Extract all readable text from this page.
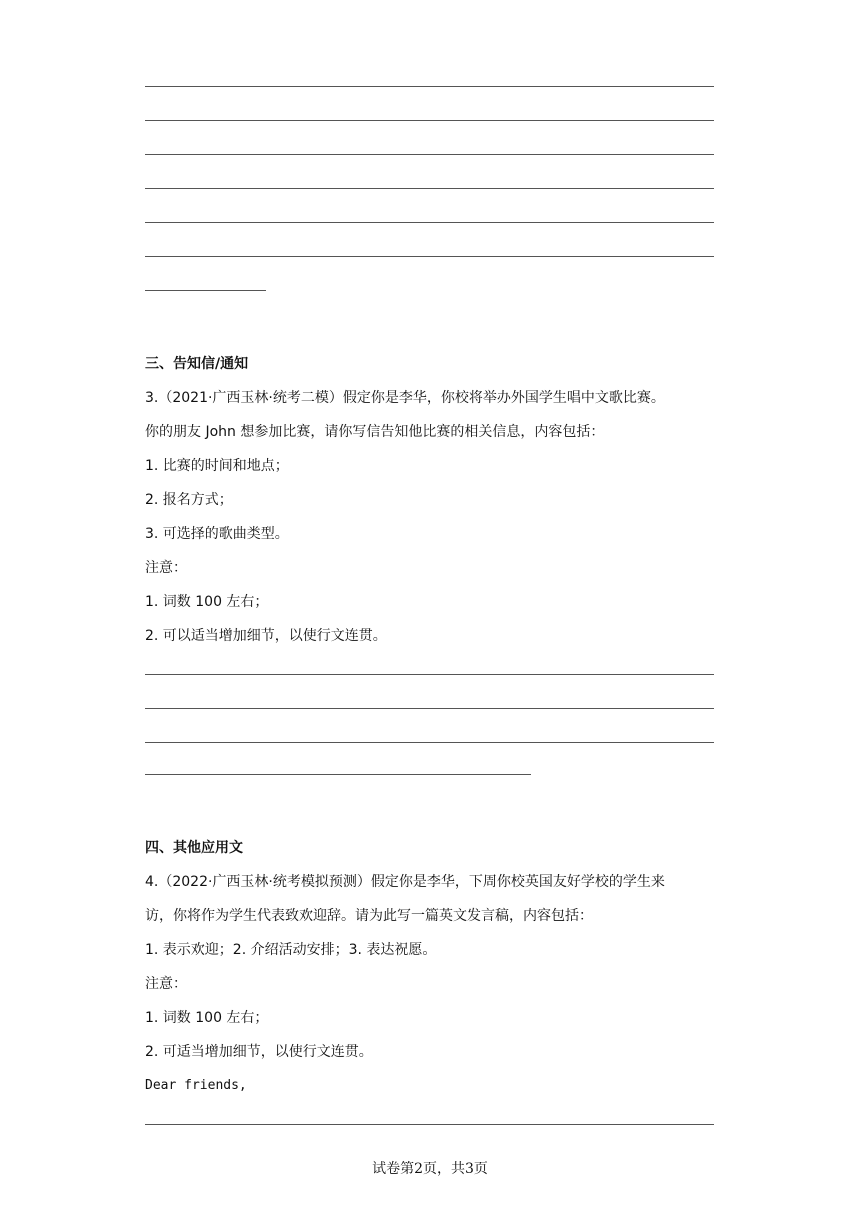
三、告知信/通知
3.（2021·广西玉林·统考二模）假定你是李华，你校将举办外国学生唱中文歌比赛。
你的朋友 John 想参加比赛，请你写信告知他比赛的相关信息，内容包括：
1. 比赛的时间和地点；
2. 报名方式；
3. 可选择的歌曲类型。
注意：
1. 词数 100 左右；
2. 可以适当增加细节，以使行文连贯。
四、其他应用文
4.（2022·广西玉林·统考模拟预测）假定你是李华，下周你校英国友好学校的学生来
访，你将作为学生代表致欢迎辞。请为此写一篇英文发言稿，内容包括：
1. 表示欢迎；2. 介绍活动安排；3. 表达祝愿。
注意：
1. 词数 100 左右；
2. 可适当增加细节，以使行文连贯。
Dear friends,
试卷第2页，共3页
